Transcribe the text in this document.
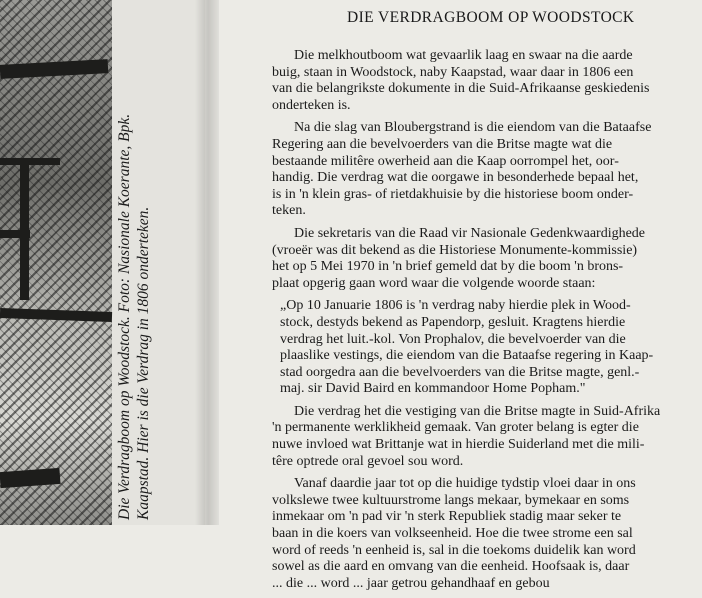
Die Verdragboom op Woodstock. Foto: Nasionale Koerante, Bpk. Kaapstad. Hier is die Verdrag in 1806 onderteken.
DIE VERDRAGBOOM OP WOODSTOCK

Die melkhoutboom wat gevaarlik laag en swaar na die aarde
buig, staan in Woodstock, naby Kaapstad, waar daar in 1806 een
van die belangrikste dokumente in die Suid-Afrikaanse geskiedenis
onderteken is.

Na die slag van Bloubergstrand is die eiendom van die Bataafse
Regering aan die bevelvoerders van die Britse magte wat die
bestaande militêre owerheid aan die Kaap oorrompel het, oor-
handig. Die verdrag wat die oorgawe in besonderhede bepaal het,
is in 'n klein gras- of rietdakhuisie by die historiese boom onder-
teken.

Die sekretaris van die Raad vir Nasionale Gedenkwaardighede
(vroeër was dit bekend as die Historiese Monumente-kommissie)
het op 5 Mei 1970 in 'n brief gemeld dat by die boom 'n brons-
plaat opgerig gaan word waar die volgende woorde staan:

„Op 10 Januarie 1806 is 'n verdrag naby hierdie plek in Wood-
stock, destyds bekend as Papendorp, gesluit. Kragtens hierdie
verdrag het luit.-kol. Von Prophalov, die bevelvoerder van die
plaaslike vestings, die eiendom van die Bataafse regering in Kaap-
stad oorgedra aan die bevelvoerders van die Britse magte, genl.-
maj. sir David Baird en kommandoor Home Popham."

Die verdrag het die vestiging van die Britse magte in Suid-Afrika
'n permanente werklikheid gemaak. Van groter belang is egter die
nuwe invloed wat Brittanje wat in hierdie Suiderland met die mili-
têre optrede oral gevoel sou word.

Vanaf daardie jaar tot op die huidige tydstip vloei daar in ons
volkslewe twee kultuurstrome langs mekaar, bymekaar en soms
inmekaar om 'n pad vir 'n sterk Republiek stadig maar seker te
baan in die koers van volkseenheid. Hoe die twee strome een sal
word of reeds 'n eenheid is, sal in die toekoms duidelik kan word
sowel as die aard en omvang van die eenheid. Hoofsaak is, daar
... die ... word ... jaar getrou gehandhaaf en gebou
